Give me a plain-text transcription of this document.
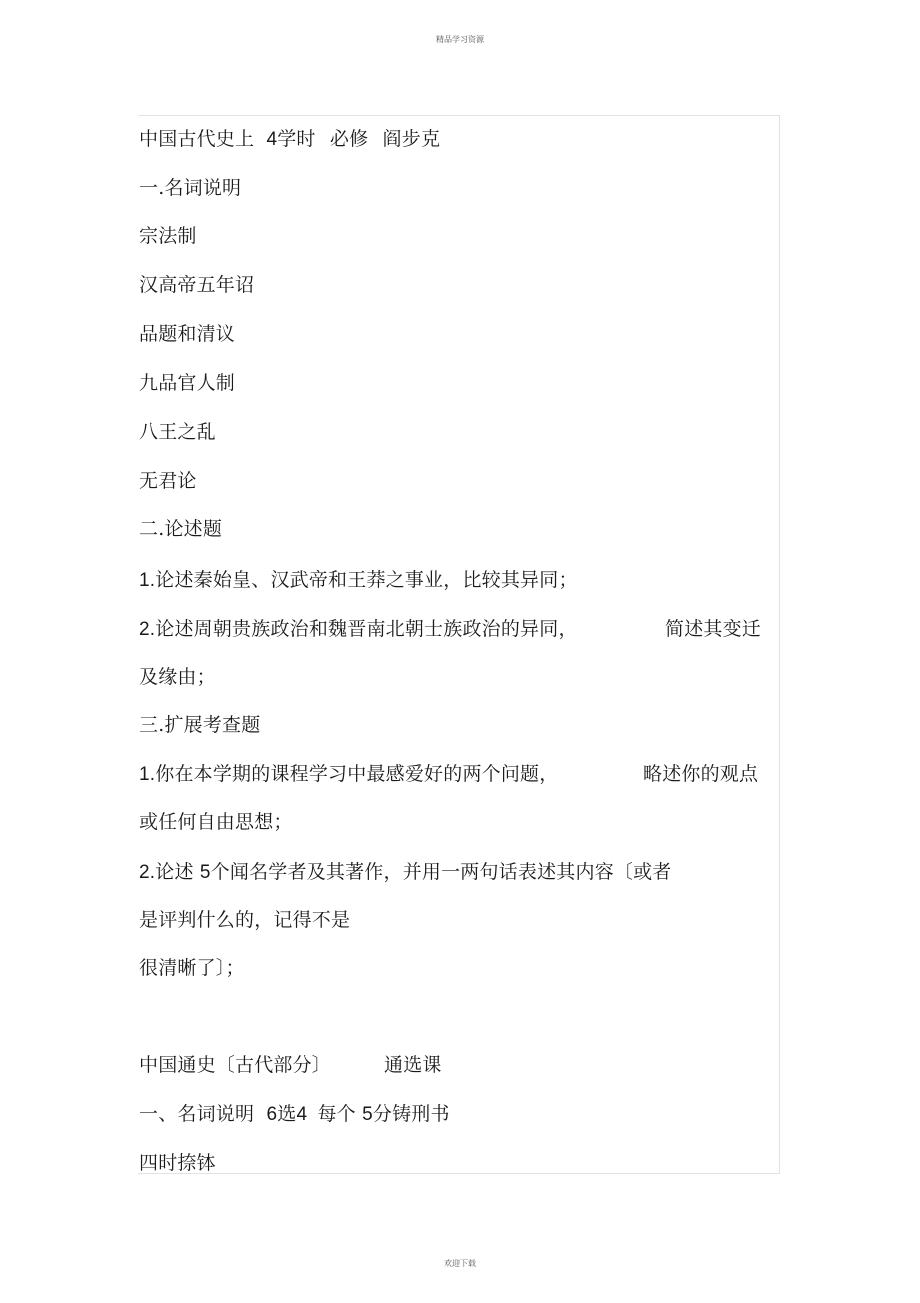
精品学习资源
中国古代史上 4学时 必修 阎步克
一.名词说明
宗法制
汉高帝五年诏
品题和清议
九品官人制
八王之乱
无君论
二.论述题
1.论述秦始皇、汉武帝和王莽之事业，比较其异同；
2.论述周朝贵族政治和魏晋南北朝士族政治的异同，	简述其变迁
及缘由；
三.扩展考查题
1.你在本学期的课程学习中最感爱好的两个问题，	略述你的观点
或任何自由思想；
2.论述 5个闻名学者及其著作，并用一两句话表述其内容〔或者
是评判什么的，记得不是
很清晰了〕；
中国通史〔古代部分〕	通选课
一、名词说明 6选4 每个 5分铸刑书
四时捺钵
欢迎下载
